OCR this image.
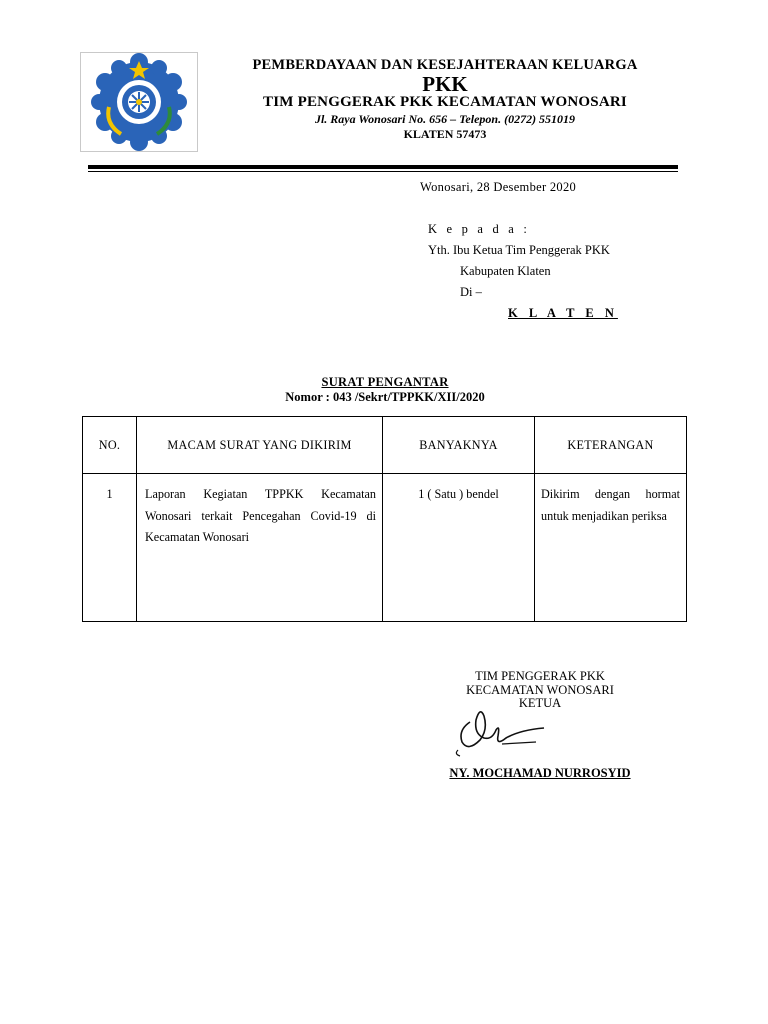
PEMBERDAYAAN DAN KESEJAHTERAAN KELUARGA
PKK
TIM PENGGERAK PKK KECAMATAN WONOSARI
Jl. Raya Wonosari No. 656 – Telepon. (0272) 551019
KLATEN 57473
Wonosari, 28 Desember 2020
K e p a d a :
Yth. Ibu Ketua Tim Penggerak PKK
Kabupaten Klaten
Di –
K L A T E N
SURAT PENGANTAR
Nomor : 043 /Sekrt/TPPKK/XII/2020
NO.	MACAM SURAT YANG DIKIRIM	BANYAKNYA	KETERANGAN
1	Laporan Kegiatan TPPKK Kecamatan Wonosari terkait Pencegahan Covid-19 di Kecamatan Wonosari	1 ( Satu ) bendel	Dikirim dengan hormat untuk menjadikan periksa
TIM PENGGERAK PKK
KECAMATAN WONOSARI
KETUA
NY. MOCHAMAD NURROSYID
